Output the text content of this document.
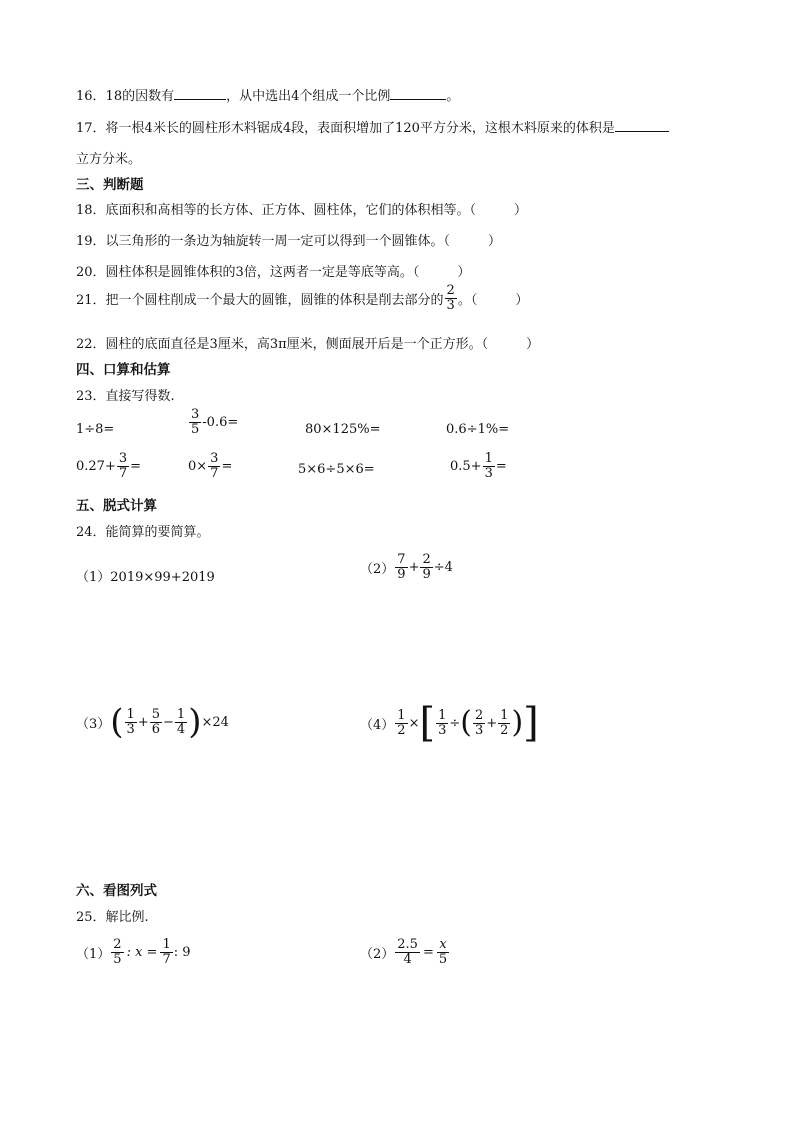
16．18的因数有	，从中选出4个组成一个比例	。
17．将一根4米长的圆柱形木料锯成4段，表面积增加了120平方分米，这根木料原来的体积是
立方分米。
三、判断题
18．底面积和高相等的长方体、正方体、圆柱体，它们的体积相等。（	）
19．以三角形的一条边为轴旋转一周一定可以得到一个圆锥体。（	）
20．圆柱体积是圆锥体积的3倍，这两者一定是等底等高。（	）
21．把一个圆柱削成一个最大的圆锥，圆锥的体积是削去部分的 $\frac{2}{3}$ 。（	）
22．圆柱的底面直径是3厘米，高3π厘米，侧面展开后是一个正方形。（	）
四、口算和估算
23．直接写得数.
1÷8=	$\frac{3}{5} -0.6=$	80×125%=	0.6÷1%=
$0.27+ \frac{3}{7}$ =	$0\times \frac{3}{7}$ =	5×6÷5×6=	$0.5+ \frac{1}{3}$ =
五、脱式计算
24．能简算的要简算。
（1）2019×99+2019
$(2) \frac{7}{9} + \frac{2}{9} \div 4$
（3） ( $\frac{1}{3} + \frac{5}{6} - \frac{1}{4}$ ) ×24	$(4) \frac{1}{2}$ × [ $\frac{1}{3}$ ÷ ( $\frac{2}{3} + \frac{1}{2}$ ) ]
六、看图列式
25．解比例.
$(1) \frac{2}{5}$ : $x = \frac{1}{7}$ : 9	$(2) \frac{2.5}{4} = \frac{x}{5}$
